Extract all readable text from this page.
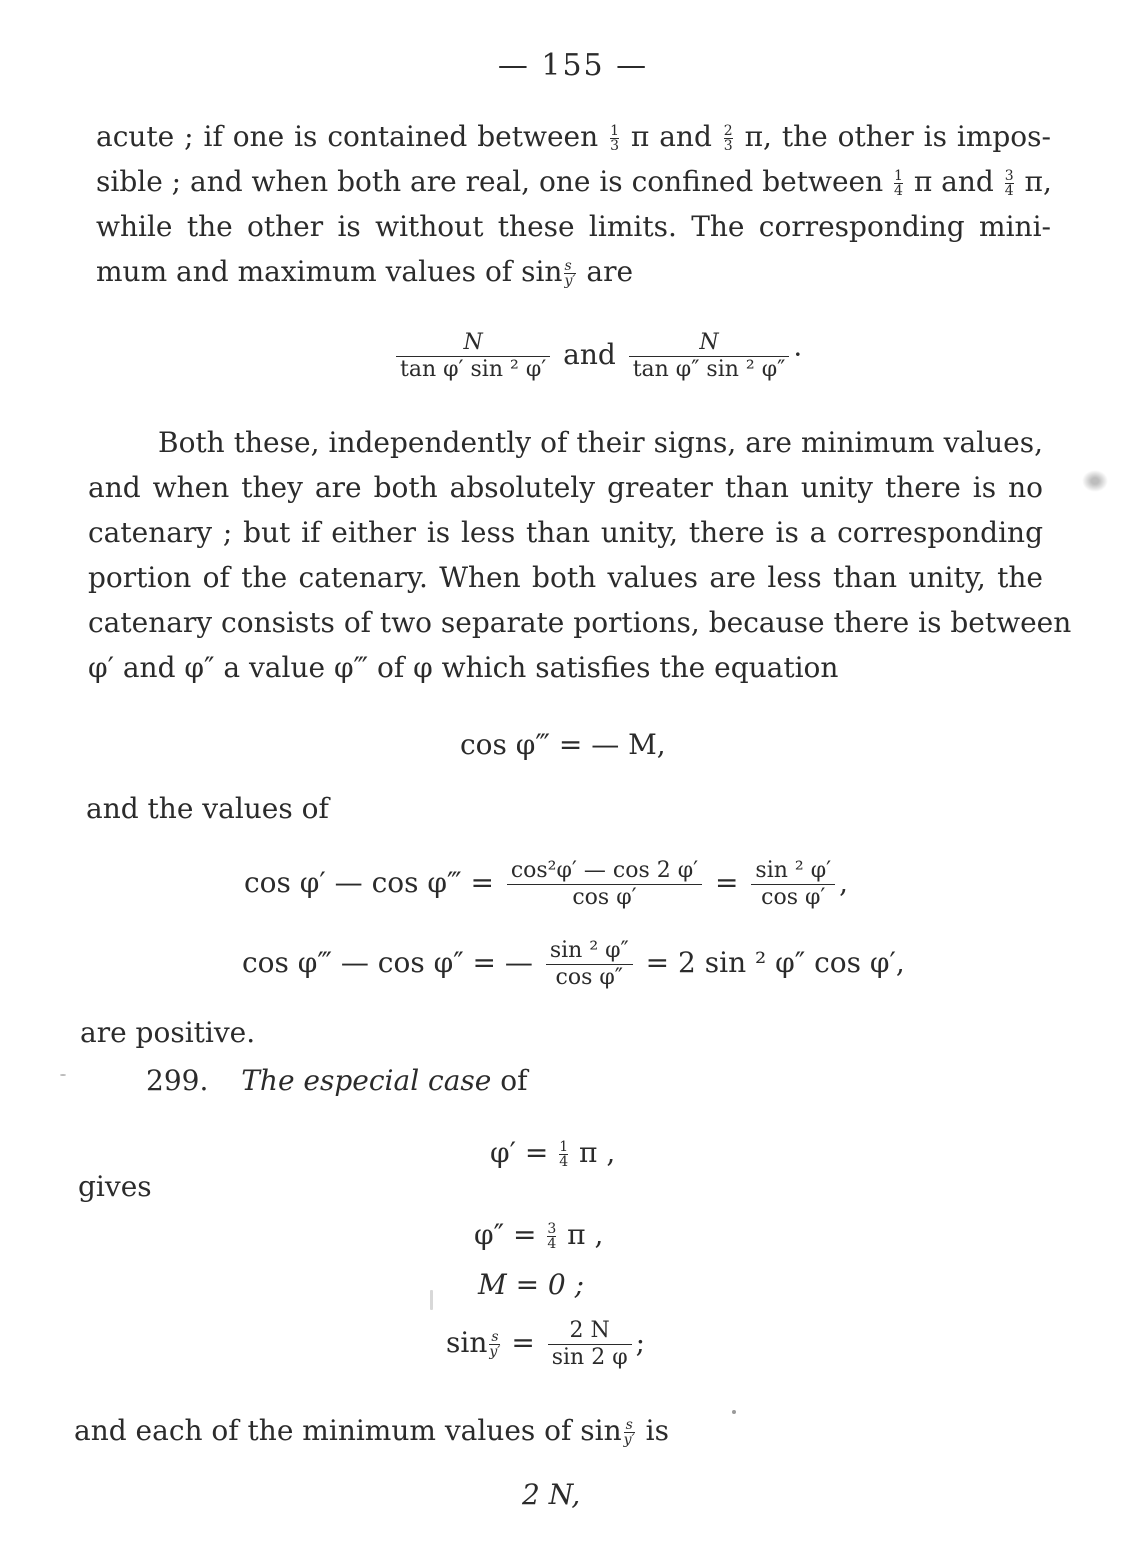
— 155 —
acute ; if one is contained between $\frac{1}{3}$ π and $\frac{2}{3} \pi$, the other is impos-
sible ; and when both are real, one is confined between $\frac{1}{4}$ π and $\frac{3}{4} \pi$,
while the other is without these limits. The corresponding mini-
mum and maximum values of $\sin \frac{s}{y'}$ are
$\frac{N}{\text{tan φ′ sin ² φ′}}$ and $\frac{N}{\text{tan φ″ sin ² φ″}}$ ·
Both these, independently of their signs, are minimum values,
and when they are both absolutely greater than unity there is no
catenary ; but if either is less than unity, there is a corresponding
portion of the catenary. When both values are less than unity, the
catenary consists of two separate portions, because there is between
φ′ and φ″ a value φ‴ of φ which satisfies the equation
cos φ‴ = — M,
and the values of
cos φ′ — cos φ‴ = $\frac{\text{cos²φ′ — cos 2 φ′}}{\text{cos φ′}} = \frac{\text{sin ² φ′}}{\text{cos φ′}}$ ,
cos φ‴ — cos φ″ = — $\frac{\text{sin ² φ″}}{\text{cos φ″}} = 2$ sin ² φ″ cos φ′,
are positive.
299. The especial case of
$\varphi' = \frac{1}{4}$ π ,
gives
$\varphi'' = \frac{3}{4}$ π ,
M = 0 ;
$\sin \frac{s}{y'} = \frac{2 N}{\sin 2 \varphi}$ ;
and each of the minimum values of $\sin \frac{s}{y'}$ is
2 N,
